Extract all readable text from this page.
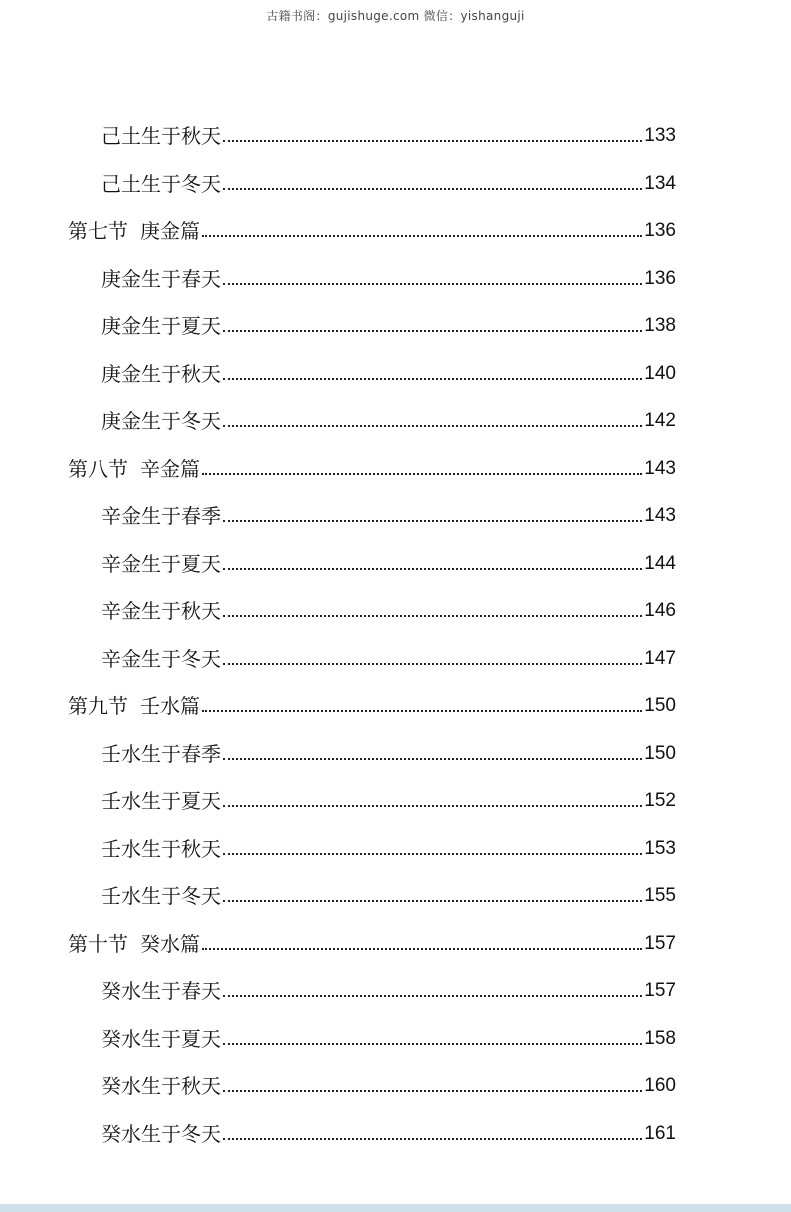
古籍书阁：gujishuge.com 微信：yishanguji
己土生于秋天	133
己土生于冬天	134
第七节 庚金篇	136
庚金生于春天	136
庚金生于夏天	138
庚金生于秋天	140
庚金生于冬天	142
第八节 辛金篇	143
辛金生于春季	143
辛金生于夏天	144
辛金生于秋天	146
辛金生于冬天	147
第九节 壬水篇	150
壬水生于春季	150
壬水生于夏天	152
壬水生于秋天	153
壬水生于冬天	155
第十节 癸水篇	157
癸水生于春天	157
癸水生于夏天	158
癸水生于秋天	160
癸水生于冬天	161
